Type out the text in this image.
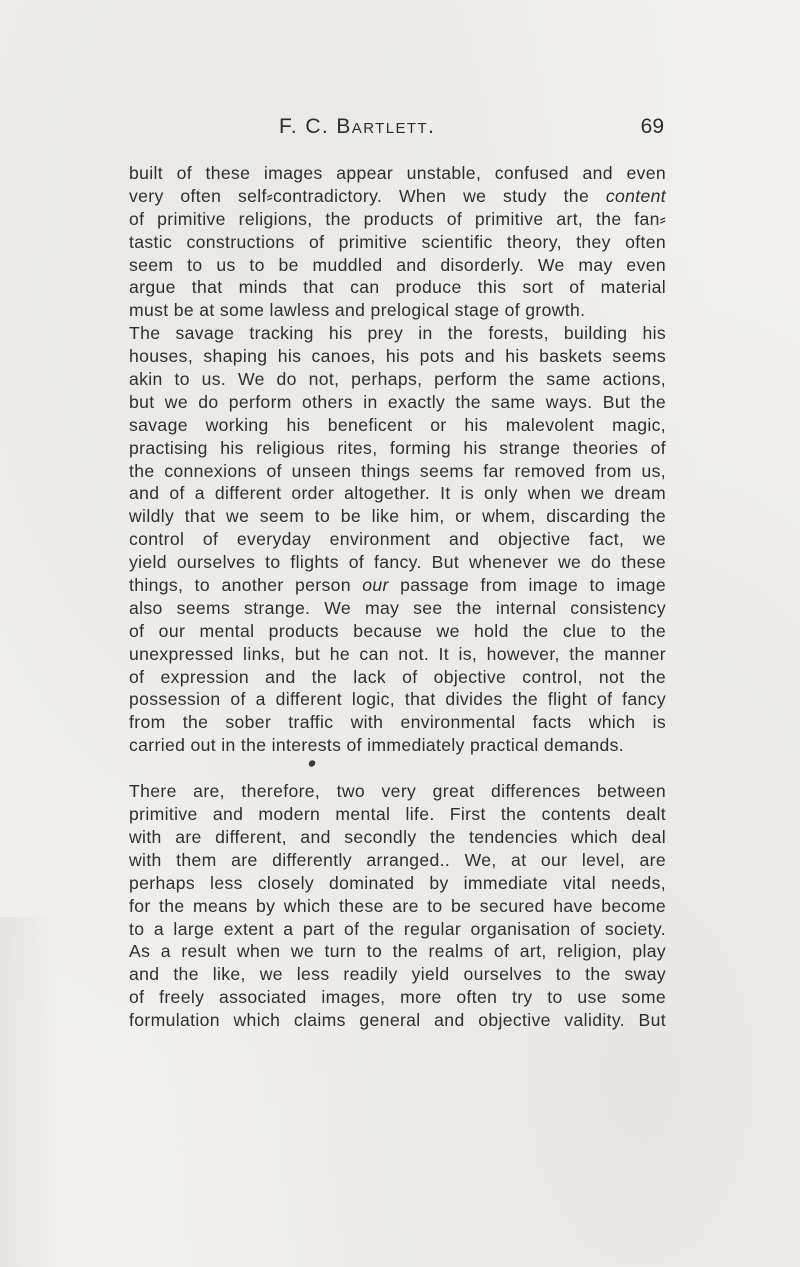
F. C. Bartlett.	69
built of these images appear unstable, confused and even
very often self⸗contradictory. When we study the content
of primitive religions, the products of primitive art, the fan⸗
tastic constructions of primitive scientific theory, they often
seem to us to be muddled and disorderly. We may even
argue that minds that can produce this sort of material
must be at some lawless and prelogical stage of growth.
The savage tracking his prey in the forests, building his
houses, shaping his canoes, his pots and his baskets seems
akin to us. We do not, perhaps, perform the same actions,
but we do perform others in exactly the same ways. But the
savage working his beneficent or his malevolent magic,
practising his religious rites, forming his strange theories of
the connexions of unseen things seems far removed from us,
and of a different order altogether. It is only when we dream
wildly that we seem to be like him, or whem, discarding the
control of everyday environment and objective fact, we
yield ourselves to flights of fancy. But whenever we do these
things, to another person our passage from image to image
also seems strange. We may see the internal consistency
of our mental products because we hold the clue to the
unexpressed links, but he can not. It is, however, the manner
of expression and the lack of objective control, not the
possession of a different logic, that divides the flight of fancy
from the sober traffic with environmental facts which is
carried out in the interests of immediately practical demands.
There are, therefore, two very great differences between
primitive and modern mental life. First the contents dealt
with are different, and secondly the tendencies which deal
with them are differently arranged.. We, at our level, are
perhaps less closely dominated by immediate vital needs,
for the means by which these are to be secured have become
to a large extent a part of the regular organisation of society.
As a result when we turn to the realms of art, religion, play
and the like, we less readily yield ourselves to the sway
of freely associated images, more often try to use some
formulation which claims general and objective validity. But
